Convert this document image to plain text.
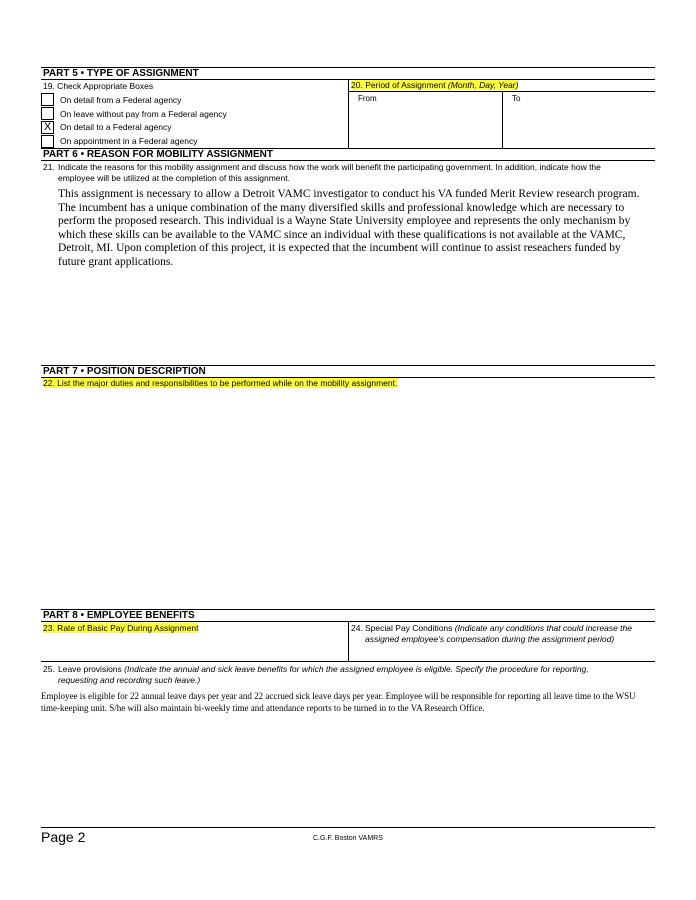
PART 5 • TYPE OF ASSIGNMENT
19. Check Appropriate Boxes	20. Period of Assignment (Month, Day, Year)
From	To
On detail from a Federal agency
On leave without pay from a Federal agency
X On detail to a Federal agency
On appointment in a Federal agency
PART 6 • REASON FOR MOBILITY ASSIGNMENT
21. Indicate the reasons for this mobility assignment and discuss how the work will benefit the participating government. In addition, indicate how the
employee will be utilized at the completion of this assignment.
This assignment is necessary to allow a Detroit VAMC investigator to conduct his VA funded Merit Review research program. The incumbent has a unique combination of the many diversified skills and professional knowledge which are necessary to perform the proposed research. This individual is a Wayne State University employee and represents the only mechanism by which these skills can be available to the VAMC since an individual with these qualifications is not available at the VAMC, Detroit, MI. Upon completion of this project, it is expected that the incumbent will continue to assist reseachers funded by future grant applications.
PART 7 • POSITION DESCRIPTION
22. List the major duties and responsibilities to be performed while on the mobility assignment.
PART 8 • EMPLOYEE BENEFITS
23. Rate of Basic Pay During Assignment	24. Special Pay Conditions (Indicate any conditions that could increase the
assigned employee's compensation during the assignment period)
25. Leave provisions (Indicate the annual and sick leave benefits for which the assigned employee is eligible. Specify the procedure for reporting,
requesting and recording such leave.)
Employee is eligible for 22 annual leave days per year and 22 accrued sick leave days per year. Employee will be responsible for reporting all leave time to the WSU time-keeping unit. S/he will also maintain bi-weekly time and attendance reports to be turned in to the VA Research Office.
Page 2	C.G.F. Boston VAMRS
